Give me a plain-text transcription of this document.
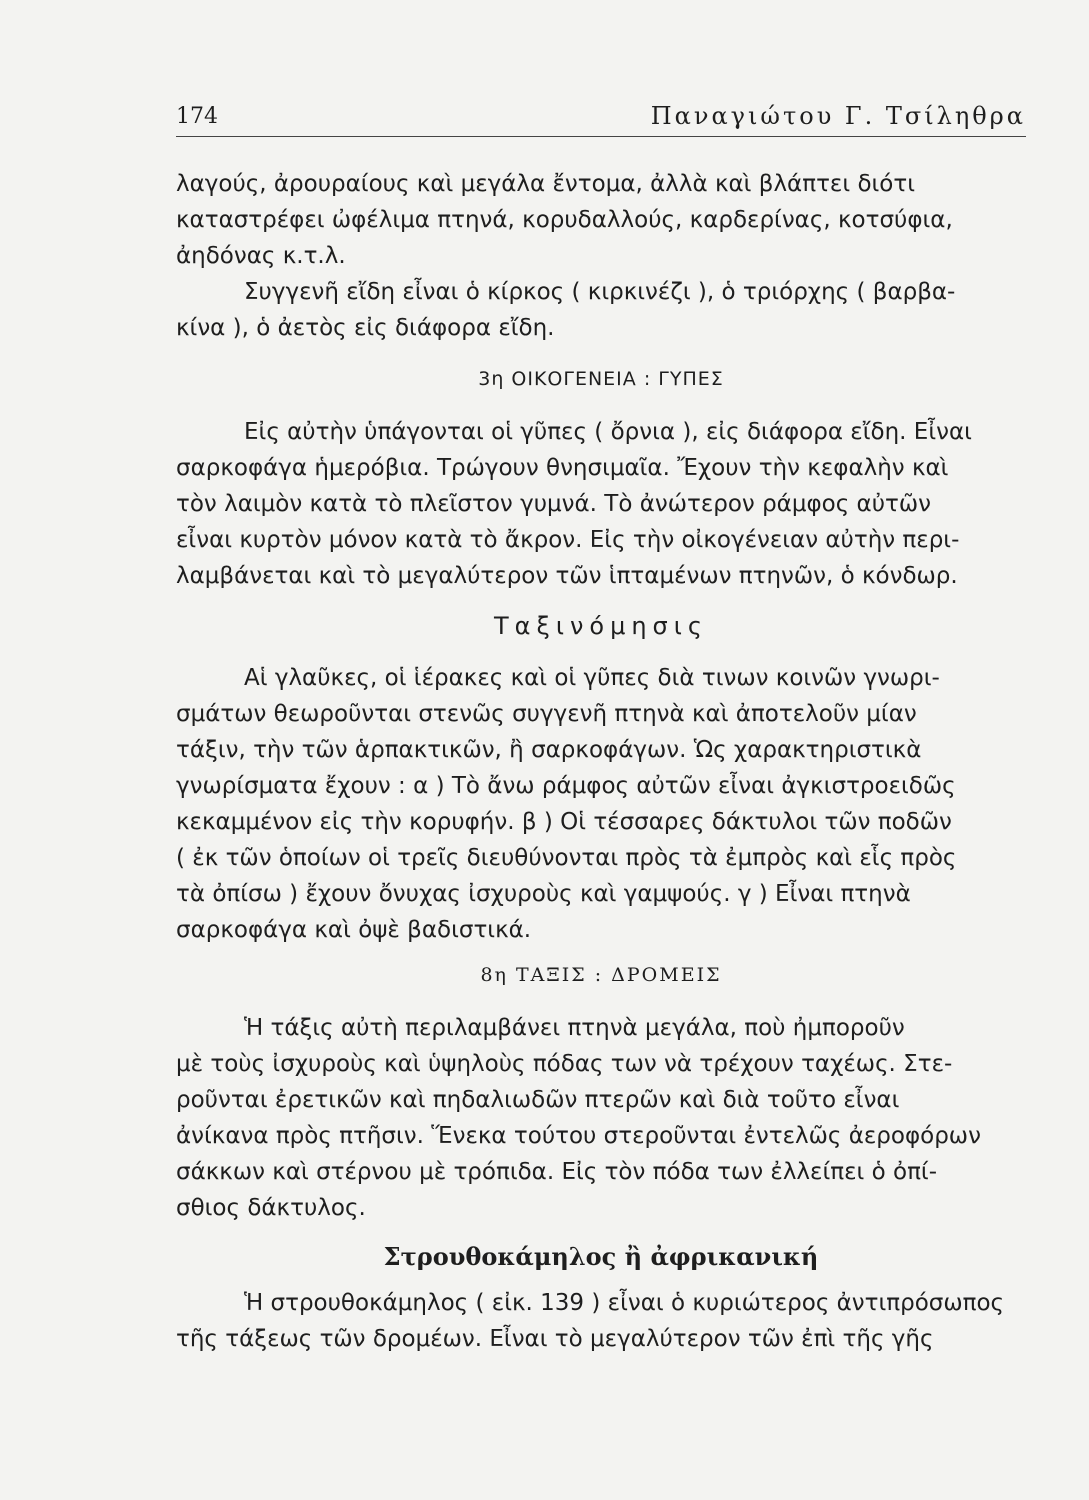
174	Παναγιώτου Γ. Τσίληθρα

λαγούς, ἀρουραίους καὶ μεγάλα ἔντομα, ἀλλὰ καὶ βλάπτει διότι

καταστρέφει ὠφέλιμα πτηνά, κορυδαλλούς, καρδερίνας, κοτσύφια,

ἀηδόνας κ.τ.λ.

Συγγενῆ εἴδη εἶναι ὁ κίρκος ( κιρκινέζι ), ὁ τριόρχης ( βαρβα-

κίνα ), ὁ ἀετὸς εἰς διάφορα εἴδη.

3η ΟΙΚΟΓΕΝΕΙΑ : ΓΥΠΕΣ

Εἰς αὐτὴν ὑπάγονται οἱ γῦπες ( ὄρνια ), εἰς διάφορα εἴδη. Εἶναι

σαρκοφάγα ἡμερόβια. Τρώγουν θνησιμαῖα. Ἔχουν τὴν κεφαλὴν καὶ

τὸν λαιμὸν κατὰ τὸ πλεῖστον γυμνά. Τὸ ἀνώτερον ράμφος αὐτῶν

εἶναι κυρτὸν μόνον κατὰ τὸ ἄκρον. Εἰς τὴν οἰκογένειαν αὐτὴν περι-

λαμβάνεται καὶ τὸ μεγαλύτερον τῶν ἱπταμένων πτηνῶν, ὁ κόνδωρ.

Ταξινόμησις

Αἱ γλαῦκες, οἱ ἱέρακες καὶ οἱ γῦπες διὰ τινων κοινῶν γνωρι-

σμάτων θεωροῦνται στενῶς συγγενῆ πτηνὰ καὶ ἀποτελοῦν μίαν

τάξιν, τὴν τῶν ἁρπακτικῶν, ἢ σαρκοφάγων. Ὡς χαρακτηριστικὰ

γνωρίσματα ἔχουν : α ) Τὸ ἄνω ράμφος αὐτῶν εἶναι ἀγκιστροειδῶς

κεκαμμένον εἰς τὴν κορυφήν. β ) Οἱ τέσσαρες δάκτυλοι τῶν ποδῶν

( ἐκ τῶν ὁποίων οἱ τρεῖς διευθύνονται πρὸς τὰ ἐμπρὸς καὶ εἷς πρὸς

τὰ ὀπίσω ) ἔχουν ὄνυχας ἰσχυροὺς καὶ γαμψούς. γ ) Εἶναι πτηνὰ

σαρκοφάγα καὶ ὀψὲ βαδιστικά.

8η ΤΑΞΙΣ : ΔΡΟΜΕΙΣ

Ἡ τάξις αὐτὴ περιλαμβάνει πτηνὰ μεγάλα, ποὺ ἠμποροῦν

μὲ τοὺς ἰσχυροὺς καὶ ὑψηλοὺς πόδας των νὰ τρέχουν ταχέως. Στε-

ροῦνται ἐρετικῶν καὶ πηδαλιωδῶν πτερῶν καὶ διὰ τοῦτο εἶναι

ἀνίκανα πρὸς πτῆσιν. Ἕνεκα τούτου στεροῦνται ἐντελῶς ἀεροφόρων

σάκκων καὶ στέρνου μὲ τρόπιδα. Εἰς τὸν πόδα των ἐλλείπει ὁ ὀπί-

σθιος δάκτυλος.

Στρουθοκάμηλος ἢ ἀφρικανική

Ἡ στρουθοκάμηλος ( εἰκ. 139 ) εἶναι ὁ κυριώτερος ἀντιπρόσωπος

τῆς τάξεως τῶν δρομέων. Εἶναι τὸ μεγαλύτερον τῶν ἐπὶ τῆς γῆς
